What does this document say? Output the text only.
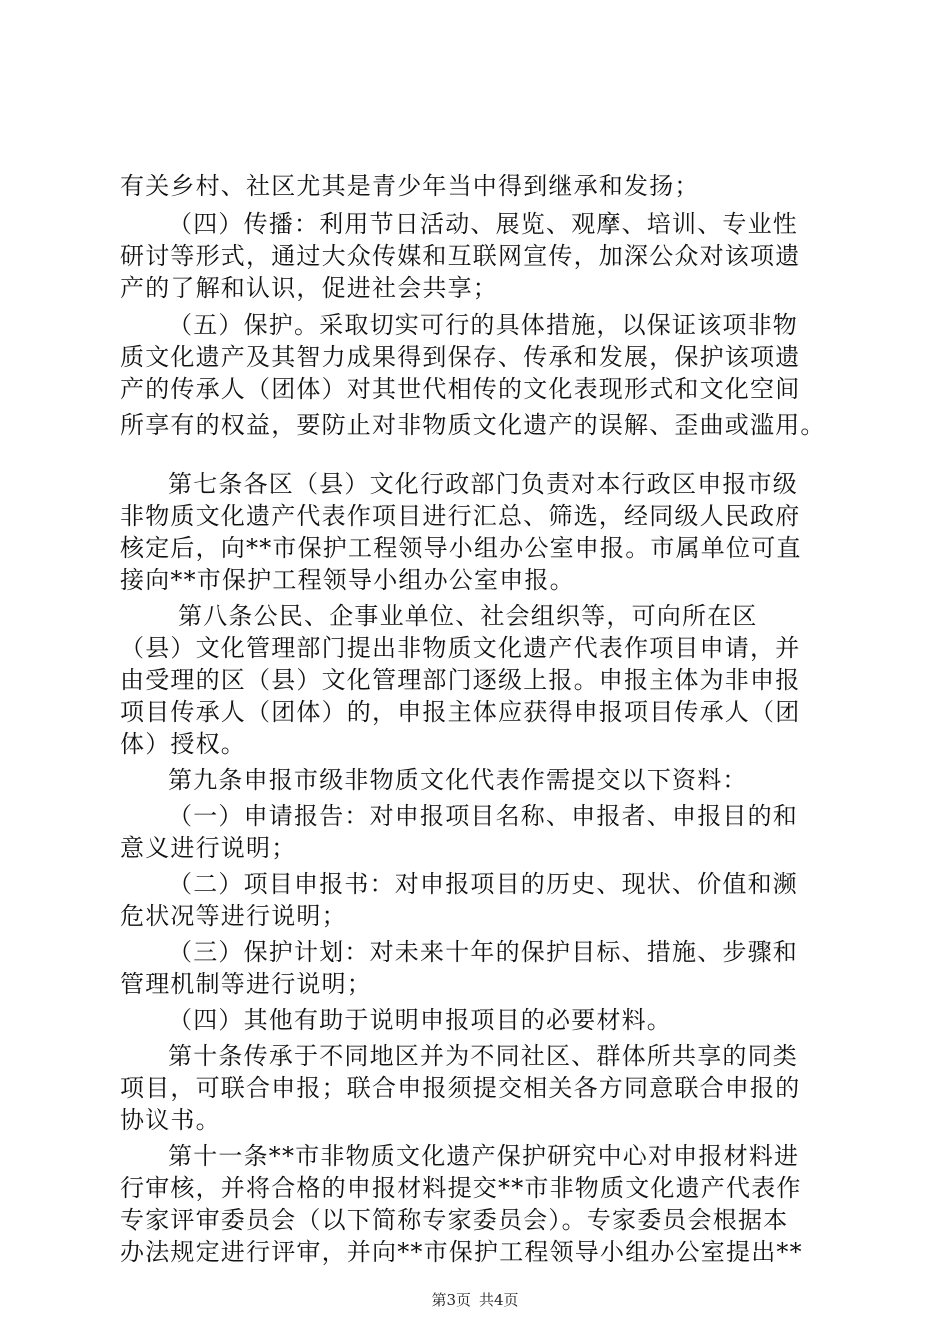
有关乡村、社区尤其是青少年当中得到继承和发扬；
（四）传播：利用节日活动、展览、观摩、培训、专业性
研讨等形式，通过大众传媒和互联网宣传，加深公众对该项遗
产的了解和认识，促进社会共享；
（五）保护。采取切实可行的具体措施，以保证该项非物
质文化遗产及其智力成果得到保存、传承和发展，保护该项遗
产的传承人（团体）对其世代相传的文化表现形式和文化空间
所享有的权益，要防止对非物质文化遗产的误解、歪曲或滥用。
第七条各区（县）文化行政部门负责对本行政区申报市级
非物质文化遗产代表作项目进行汇总、筛选，经同级人民政府
核定后，向**市保护工程领导小组办公室申报。市属单位可直
接向**市保护工程领导小组办公室申报。
第八条公民、企事业单位、社会组织等，可向所在区
（县）文化管理部门提出非物质文化遗产代表作项目申请，并
由受理的区（县）文化管理部门逐级上报。申报主体为非申报
项目传承人（团体）的，申报主体应获得申报项目传承人（团
体）授权。
第九条申报市级非物质文化代表作需提交以下资料：
（一）申请报告：对申报项目名称、申报者、申报目的和
意义进行说明；
（二）项目申报书：对申报项目的历史、现状、价值和濒
危状况等进行说明；
（三）保护计划：对未来十年的保护目标、措施、步骤和
管理机制等进行说明；
（四）其他有助于说明申报项目的必要材料。
第十条传承于不同地区并为不同社区、群体所共享的同类
项目，可联合申报；联合申报须提交相关各方同意联合申报的
协议书。
第十一条**市非物质文化遗产保护研究中心对申报材料进
行审核，并将合格的申报材料提交**市非物质文化遗产代表作
专家评审委员会（以下简称专家委员会）。专家委员会根据本
办法规定进行评审，并向**市保护工程领导小组办公室提出**
第3页 共4页
